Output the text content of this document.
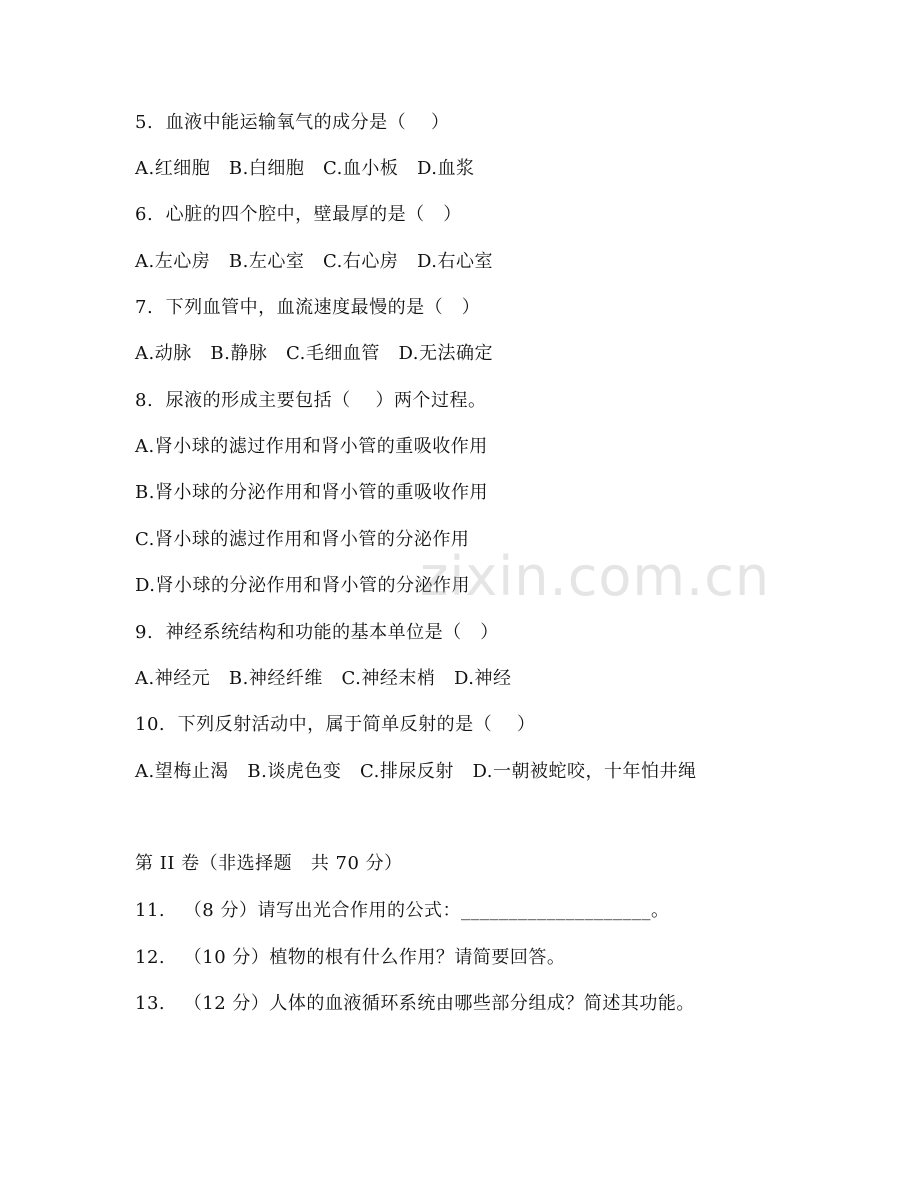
5.  血液中能运输氧气的成分是（    ）
A.红细胞   B.白细胞   C.血小板   D.血浆
6.  心脏的四个腔中，壁最厚的是（   ）
A.左心房   B.左心室   C.右心房   D.右心室
7.  下列血管中，血流速度最慢的是（   ）
A.动脉   B.静脉   C.毛细血管   D.无法确定
8.  尿液的形成主要包括（    ）两个过程。
A.肾小球的滤过作用和肾小管的重吸收作用
B.肾小球的分泌作用和肾小管的重吸收作用
C.肾小球的滤过作用和肾小管的分泌作用
D.肾小球的分泌作用和肾小管的分泌作用
9.  神经系统结构和功能的基本单位是（   ）
A.神经元   B.神经纤维   C.神经末梢   D.神经
10.  下列反射活动中，属于简单反射的是（    ）
A.望梅止渴   B.谈虎色变   C.排尿反射   D.一朝被蛇咬，十年怕井绳
第 II 卷（非选择题   共 70 分）
11.   （8 分）请写出光合作用的公式：____________________。
12.   （10 分）植物的根有什么作用？请简要回答。
13.   （12 分）人体的血液循环系统由哪些部分组成？简述其功能。
zixin.com.cn
